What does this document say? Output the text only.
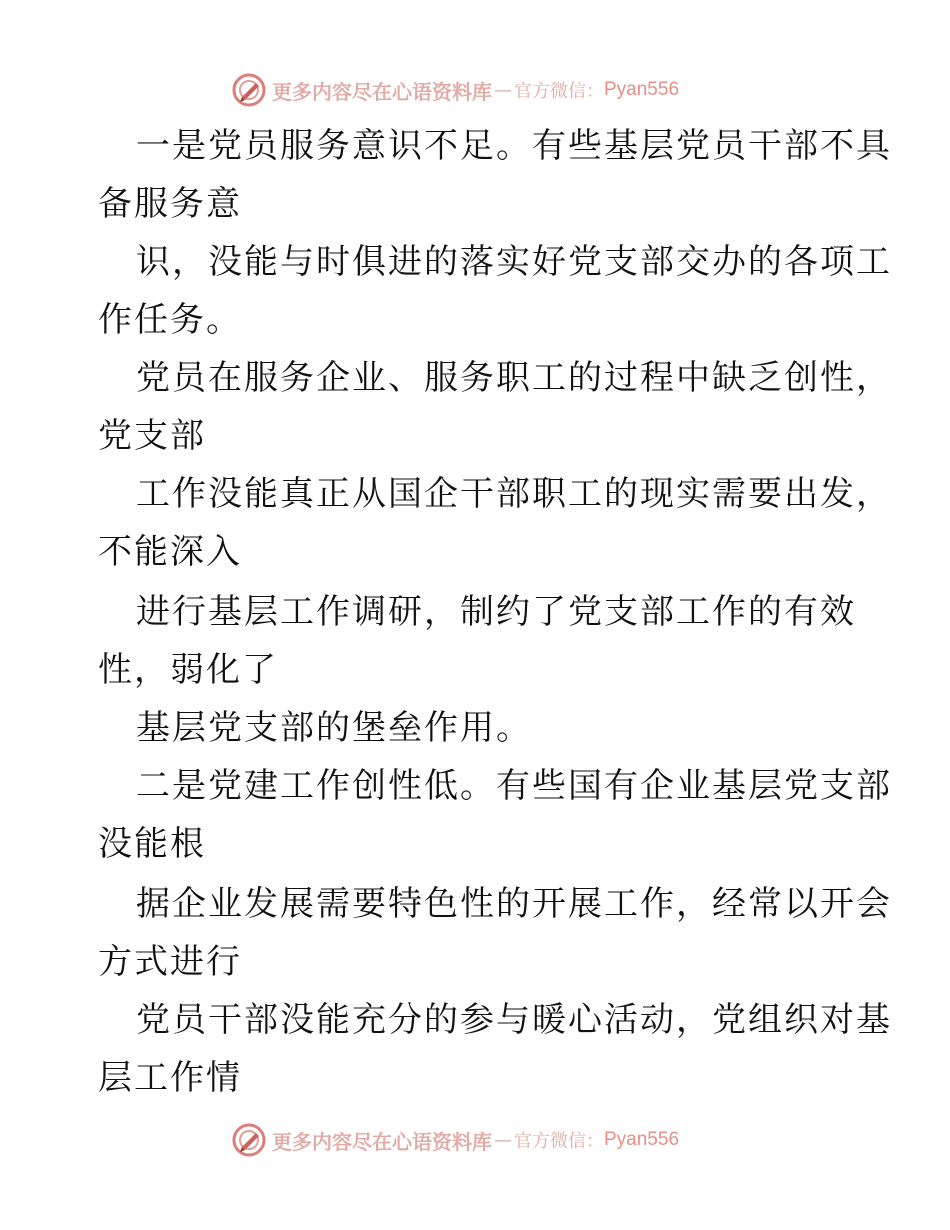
更多内容尽在心语资料库 — 官方微信： Pyan556
一是党员服务意识不足。有些基层党员干部不具
备服务意
识，没能与时俱进的落实好党支部交办的各项工
作任务。
党员在服务企业、服务职工的过程中缺乏创性，
党支部
工作没能真正从国企干部职工的现实需要出发，
不能深入
进行基层工作调研，制约了党支部工作的有效
性，弱化了
基层党支部的堡垒作用。
二是党建工作创性低。有些国有企业基层党支部
没能根
据企业发展需要特色性的开展工作，经常以开会
方式进行
党员干部没能充分的参与暖心活动，党组织对基
层工作情
更多内容尽在心语资料库 — 官方微信： Pyan556
